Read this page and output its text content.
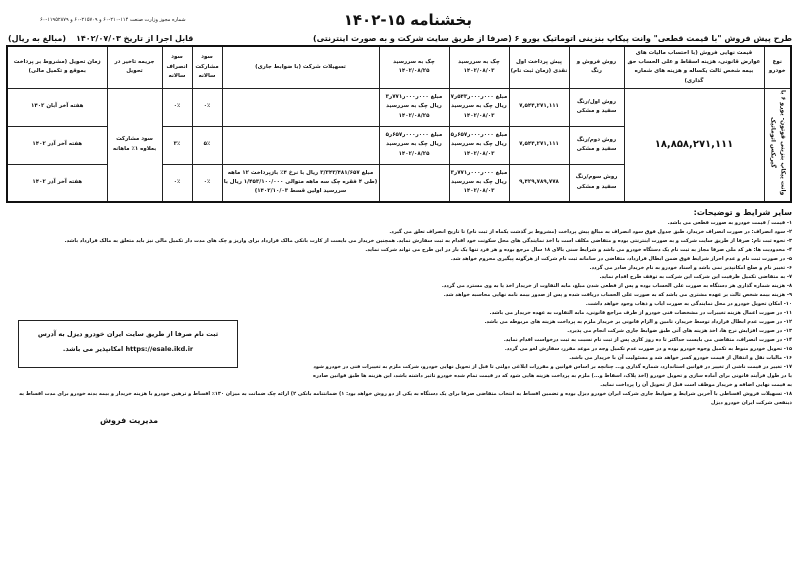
بخشنامه ۱۵-۱۴۰۲
شماره مجوز وزارت صنعت ۱۱۴-۲۱۰-۶۰ و ۲۱۵۷۰۹-۶۰ و ۱۱۹۵۲۸۷۹-۶۰
طرح پیش فروش "با قیمت قطعی" وانت پیکاپ بنزینی اتوماتیک یورو ۶ (صرفا از طریق سایت شرکت و به صورت اینترنتی)
قابل اجرا از تاریخ ۱۴۰۲/۰۷/۰۳
(مبالغ به ریال)
نوع خودرو	قیمت نهایی فروش (با احتساب مالیات های عوارض قانونی، هزینه اسقاط و علی الحساب حق بیمه شخص ثالث یکساله و هزینه های شماره گذاری)	روش فروش و رنگ	پیش پرداخت اول نقدی (زمان ثبت نام)	چک به سررسید ۱۴۰۲/۰۸/۰۳	چک به سررسید ۱۴۰۲/۰۸/۲۵	تسهیلات شرکت (با ضوابط جاری)	سود مشارکت سالانه	سود انصراف سالانه	جریمه تاخیر در تحویل	زمان تحویل (مشروط بر پرداخت بموقع و تکمیل مالی)
وانت پیکاپ بنزینی فوتون- یورو ۶ با گیربکس اتوماتیک	۱۸,۸۵۸,۲۷۱,۱۱۱	روش اول/رنگ سفید و مشکی	۷,۵۴۴,۲۷۱,۱۱۱	مبلغ ۰۰۰ر۰۰۰ر۵۴۳ر۷ ریال چک به سررسید ۱۴۰۲/۰۸/۰۳	مبلغ ۰۰۰ر۰۰۰ر۷۷۱ر۳ ریال چک به سررسید ۱۴۰۲/۰۸/۲۵		۰٪	۰٪	سود مشارکت بعلاوه ۱٪ ماهانه	هفته آخر آبان ۱۴۰۲
		روش دوم/رنگ سفید و مشکی	۷,۵۴۴,۲۷۱,۱۱۱	مبلغ ۰۰۰ر۰۰۰ر۶۵۷ر۵ ریال چک به سررسید ۱۴۰۲/۰۸/۰۳	مبلغ ۰۰۰ر۰۰۰ر۶۵۷ر۵ ریال چک به سررسید ۱۴۰۲/۰۸/۲۵		۵٪	۳٪		هفته آخر آذر ۱۴۰۲
		روش سوم/رنگ سفید و مشکی	۹,۴۲۹,۷۸۹,۷۷۸	مبلغ ۰۰۰ر۰۰۰ر۷۷۱ر۳ ریال چک به سررسید ۱۴۰۲/۰۸/۰۳		مبلغ ۳/۳۴۳/۴۸۱/۶۵۷ ریال با نرخ ۴٪ بازپرداخت ۱۲ ماهه (طی ۴ فقره چک سه ماهه متوالی ۱/۴۵۳/۱۰۰/۰۰۰ ریال با سررسید اولین قسط ۱۴۰۲/۱۰/۰۳)	۰٪	۰٪		هفته آخر آذر ۱۴۰۲
سایر شرایط و توضیحات:

۱- قیمت / قیمت خودرو به صورت قطعی می باشد.

۲- سود انصراف: در صورت انصراف خریدار، طبق جدول فوق سود انصراف به مبالغ پیش پرداخت (مشروط بر گذشت یکماه از ثبت نام) تا تاریخ انصراف تعلق می گیرد.

۳- نحوه ثبت نام: صرفا از طریق سایت شرکت و به صورت اینترنتی بوده و متقاضی مکلف است با اخذ نمایندگی های محل سکونت خود اقدام به ثبت سفارش نماید. همچنین خریدار می بایست از کارت بانکی مالک قرارداد برای واریز و چک های مدت دار تکمیل مالی نیز باید متعلق به مالک قرارداد باشد.

۴- محدودیت ها: هر کد ملی صرفا مجاز به ثبت نام یک دستگاه خودرو می باشد و شرایط سنی بالای ۱۸ سال مرجع بوده و هر فرد تنها یک بار در این طرح می تواند شرکت نماید.

۵- در صورت ثبت نام و عدم احراز شرایط فوق ضمن ابطال قرارداد، متقاضی در سامانه ثبت نام شرکت از هرگونه پیگیری محروم خواهد شد.

۶- تغییر نام و صلح امکانپذیر نمی باشد و اسناد خودرو به نام خریدار صادر می گردد.

۷- به متقاضی تکمیل ظرفیت این شرکت این شرکت به توقف طرح اقدام نماید.

۸- هزینه شماره گذاری هر دستگاه به صورت علی الحساب بوده و پس از قطعی شدن مبلغ، مابه التفاوت از خریدار اخذ یا به وی مسترد می گردد.

۹- هزینه بیمه شخص ثالث بر عهده مشتری می باشد که به صورت علی الحساب دریافت شده و پس از صدور بیمه نامه نهایی محاسبه خواهد شد.

۱۰- امکان تحویل خودرو در محل نمایندگی به صورت ایاب و ذهاب وجود خواهد داشت.

۱۱- در صورت اعمال هزینه تغییرات در مشخصات فنی خودرو از طرف مراجع قانونی، مابه التفاوت به عهده خریدار می باشد.

ثبت نام صرفا از طریق سایت ایران خودرو دیزل به آدرس https://esale.ikd.ir امکانپذیر می باشد.

۱۲- در صورت عدم ابطال قرارداد توسط خریدار، تامین و الزام قانونی بر خریدار ملزم به پرداخت هزینه های مربوطه می باشد.

۱۳- در صورت افزایش نرخ ها، اخذ هزینه های آتی طبق ضوابط جاری شرکت انجام می پذیرد.

۱۴- در صورت انصراف، متقاضی می بایست حداکثر تا ده روز کاری پس از ثبت نام نسبت به ثبت درخواست اقدام نماید.

۱۵- تحویل خودرو منوط به تکمیل وجوه خودرو بوده و در صورت عدم تکمیل وجه در موعد مقرر، سفارش لغو می گردد.

۱۶- مالیات نقل و انتقال از قیمت خودرو کسر خواهد شد و مسئولیت آن با خریدار می باشد.

۱۷- تغییر در قیمت ناشی از تغییر در قوانین استاندارد، شماره گذاری و... چنانچه بر اساس قوانین و مقررات ابلاغی دولتی تا قبل از تحویل نهایی خودرو، شرکت ملزم به تغییرات فنی در خودرو شود یا در طول فرآیند قانونی برای آماده سازی و تحویل خودرو (اخذ پلاک، اسقاط و...) ملزم به پرداخت هزینه هایی شود که در قیمت تمام شده خودرو تاثیر داشته باشد، این هزینه ها طبق قوانین صادره به قیمت نهایی اضافه و خریدار موظف است قبل از تحویل آن را پرداخت نماید.

۱۸- تسهیلات فروش اقساطی با آخرین شرایط و ضوابط جاری شرکت ایران خودرو دیزل بوده و تضمین اقساط به انتخاب متقاضی صرفا برای یک دستگاه به یکی از دو روش خواهد بود: ۱) ضمانتنامه بانکی ۲) ارائه چک ضمانت به میزان ۱۳۰٪ اقساط و ترهین خودرو با هزینه خریدار و بیمه بدنه خودرو برای مدت اقساط به ذینفعی شرکت ایران خودرو دیزل

مدیریت فروش
